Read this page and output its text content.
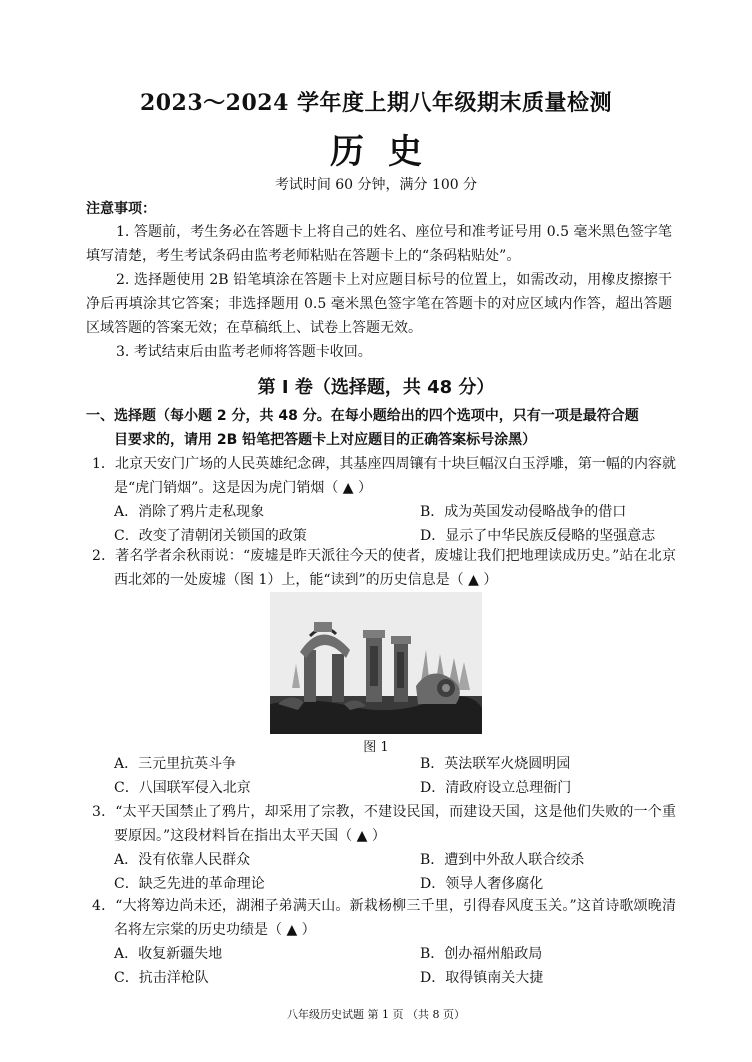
2023～2024 学年度上期八年级期末质量检测
历史
考试时间 60 分钟，满分 100 分
注意事项：

1. 答题前，考生务必在答题卡上将自己的姓名、座位号和准考证号用 0.5 毫米黑色签字笔填写清楚，考生考试条码由监考老师粘贴在答题卡上的“条码粘贴处”。

2. 选择题使用 2B 铅笔填涂在答题卡上对应题目标号的位置上，如需改动，用橡皮擦擦干净后再填涂其它答案；非选择题用 0.5 毫米黑色签字笔在答题卡的对应区域内作答，超出答题区域答题的答案无效；在草稿纸上、试卷上答题无效。

3. 考试结束后由监考老师将答题卡收回。

第 I 卷（选择题，共 48 分）
一、选择题（每小题 2 分，共 48 分。在每小题给出的四个选项中，只有一项是最符合题
目要求的，请用 2B 铅笔把答题卡上对应题目的正确答案标号涂黑）

1．北京天安门广场的人民英雄纪念碑，其基座四周镶有十块巨幅汉白玉浮雕，第一幅的内容就是“虎门销烟”。这是因为虎门销烟（ ▲ ）

A．消除了鸦片走私现象	B．成为英国发动侵略战争的借口
C．改变了清朝闭关锁国的政策	D．显示了中华民族反侵略的坚强意志

2．著名学者余秋雨说：“废墟是昨天派往今天的使者，废墟让我们把地理读成历史。”站在北京西北郊的一处废墟（图 1）上，能“读到”的历史信息是（ ▲ ）

图 1
A．三元里抗英斗争	B．英法联军火烧圆明园
C．八国联军侵入北京	D．清政府设立总理衙门

3．“太平天国禁止了鸦片，却采用了宗教，不建设民国，而建设天国，这是他们失败的一个重要原因。”这段材料旨在指出太平天国（ ▲ ）

A．没有依靠人民群众	B．遭到中外敌人联合绞杀
C．缺乏先进的革命理论	D．领导人奢侈腐化

4．“大将筹边尚未还，湖湘子弟满天山。新栽杨柳三千里，引得春风度玉关。”这首诗歌颂晚清名将左宗棠的历史功绩是（ ▲ ）

A．收复新疆失地	B．创办福州船政局
C．抗击洋枪队	D．取得镇南关大捷
八年级历史试题 第 1 页 （共 8 页）
